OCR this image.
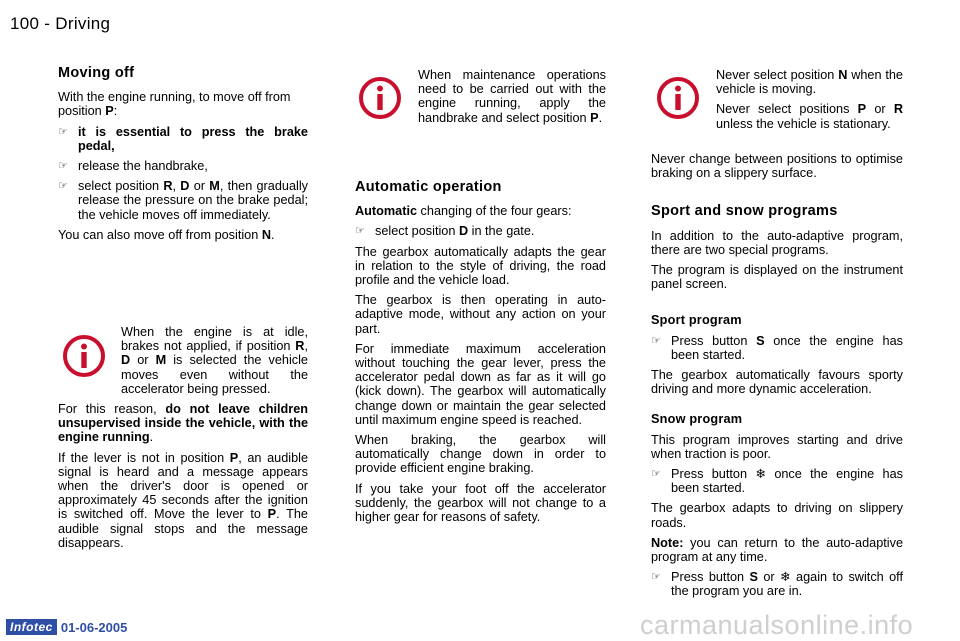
100 - Driving
Moving off

With the engine running, to move off from position P:

☞ it is essential to press the brake pedal,
☞ release the handbrake,
☞ select position R, D or M, then gradually release the pressure on the brake pedal; the vehicle moves off immediately.

You can also move off from position N.

When the engine is at idle, brakes not applied, if position R, D or M is selected the vehicle moves even without the accelerator being pressed.

For this reason, do not leave children unsupervised inside the vehicle, with the engine running.

If the lever is not in position P, an audible signal is heard and a message appears when the driver's door is opened or approximately 45 seconds after the ignition is switched off. Move the lever to P. The audible signal stops and the message disappears.

When maintenance operations need to be carried out with the engine running, apply the handbrake and select position P.

Automatic operation

Automatic changing of the four gears:

☞ select position D in the gate.

The gearbox automatically adapts the gear in relation to the style of driving, the road profile and the vehicle load.

The gearbox is then operating in auto-adaptive mode, without any action on your part.

For immediate maximum acceleration without touching the gear lever, press the accelerator pedal down as far as it will go (kick down). The gearbox will automatically change down or maintain the gear selected until maximum engine speed is reached.

When braking, the gearbox will automatically change down in order to provide efficient engine braking.

If you take your foot off the accelerator suddenly, the gearbox will not change to a higher gear for reasons of safety.

Never select position N when the vehicle is moving.

Never select positions P or R unless the vehicle is stationary.

Never change between positions to optimise braking on a slippery surface.

Sport and snow programs

In addition to the auto-adaptive program, there are two special programs.

The program is displayed on the instrument panel screen.

Sport program
☞ Press button S once the engine has been started.

The gearbox automatically favours sporty driving and more dynamic acceleration.

Snow program

This program improves starting and drive when traction is poor.

☞ Press button ❄ once the engine has been started.

The gearbox adapts to driving on slippery roads.

Note: you can return to the auto-adaptive program at any time.

☞ Press button S or ❄ again to switch off the program you are in.
Infotec 01-06-2005	carmanualsonline.info
